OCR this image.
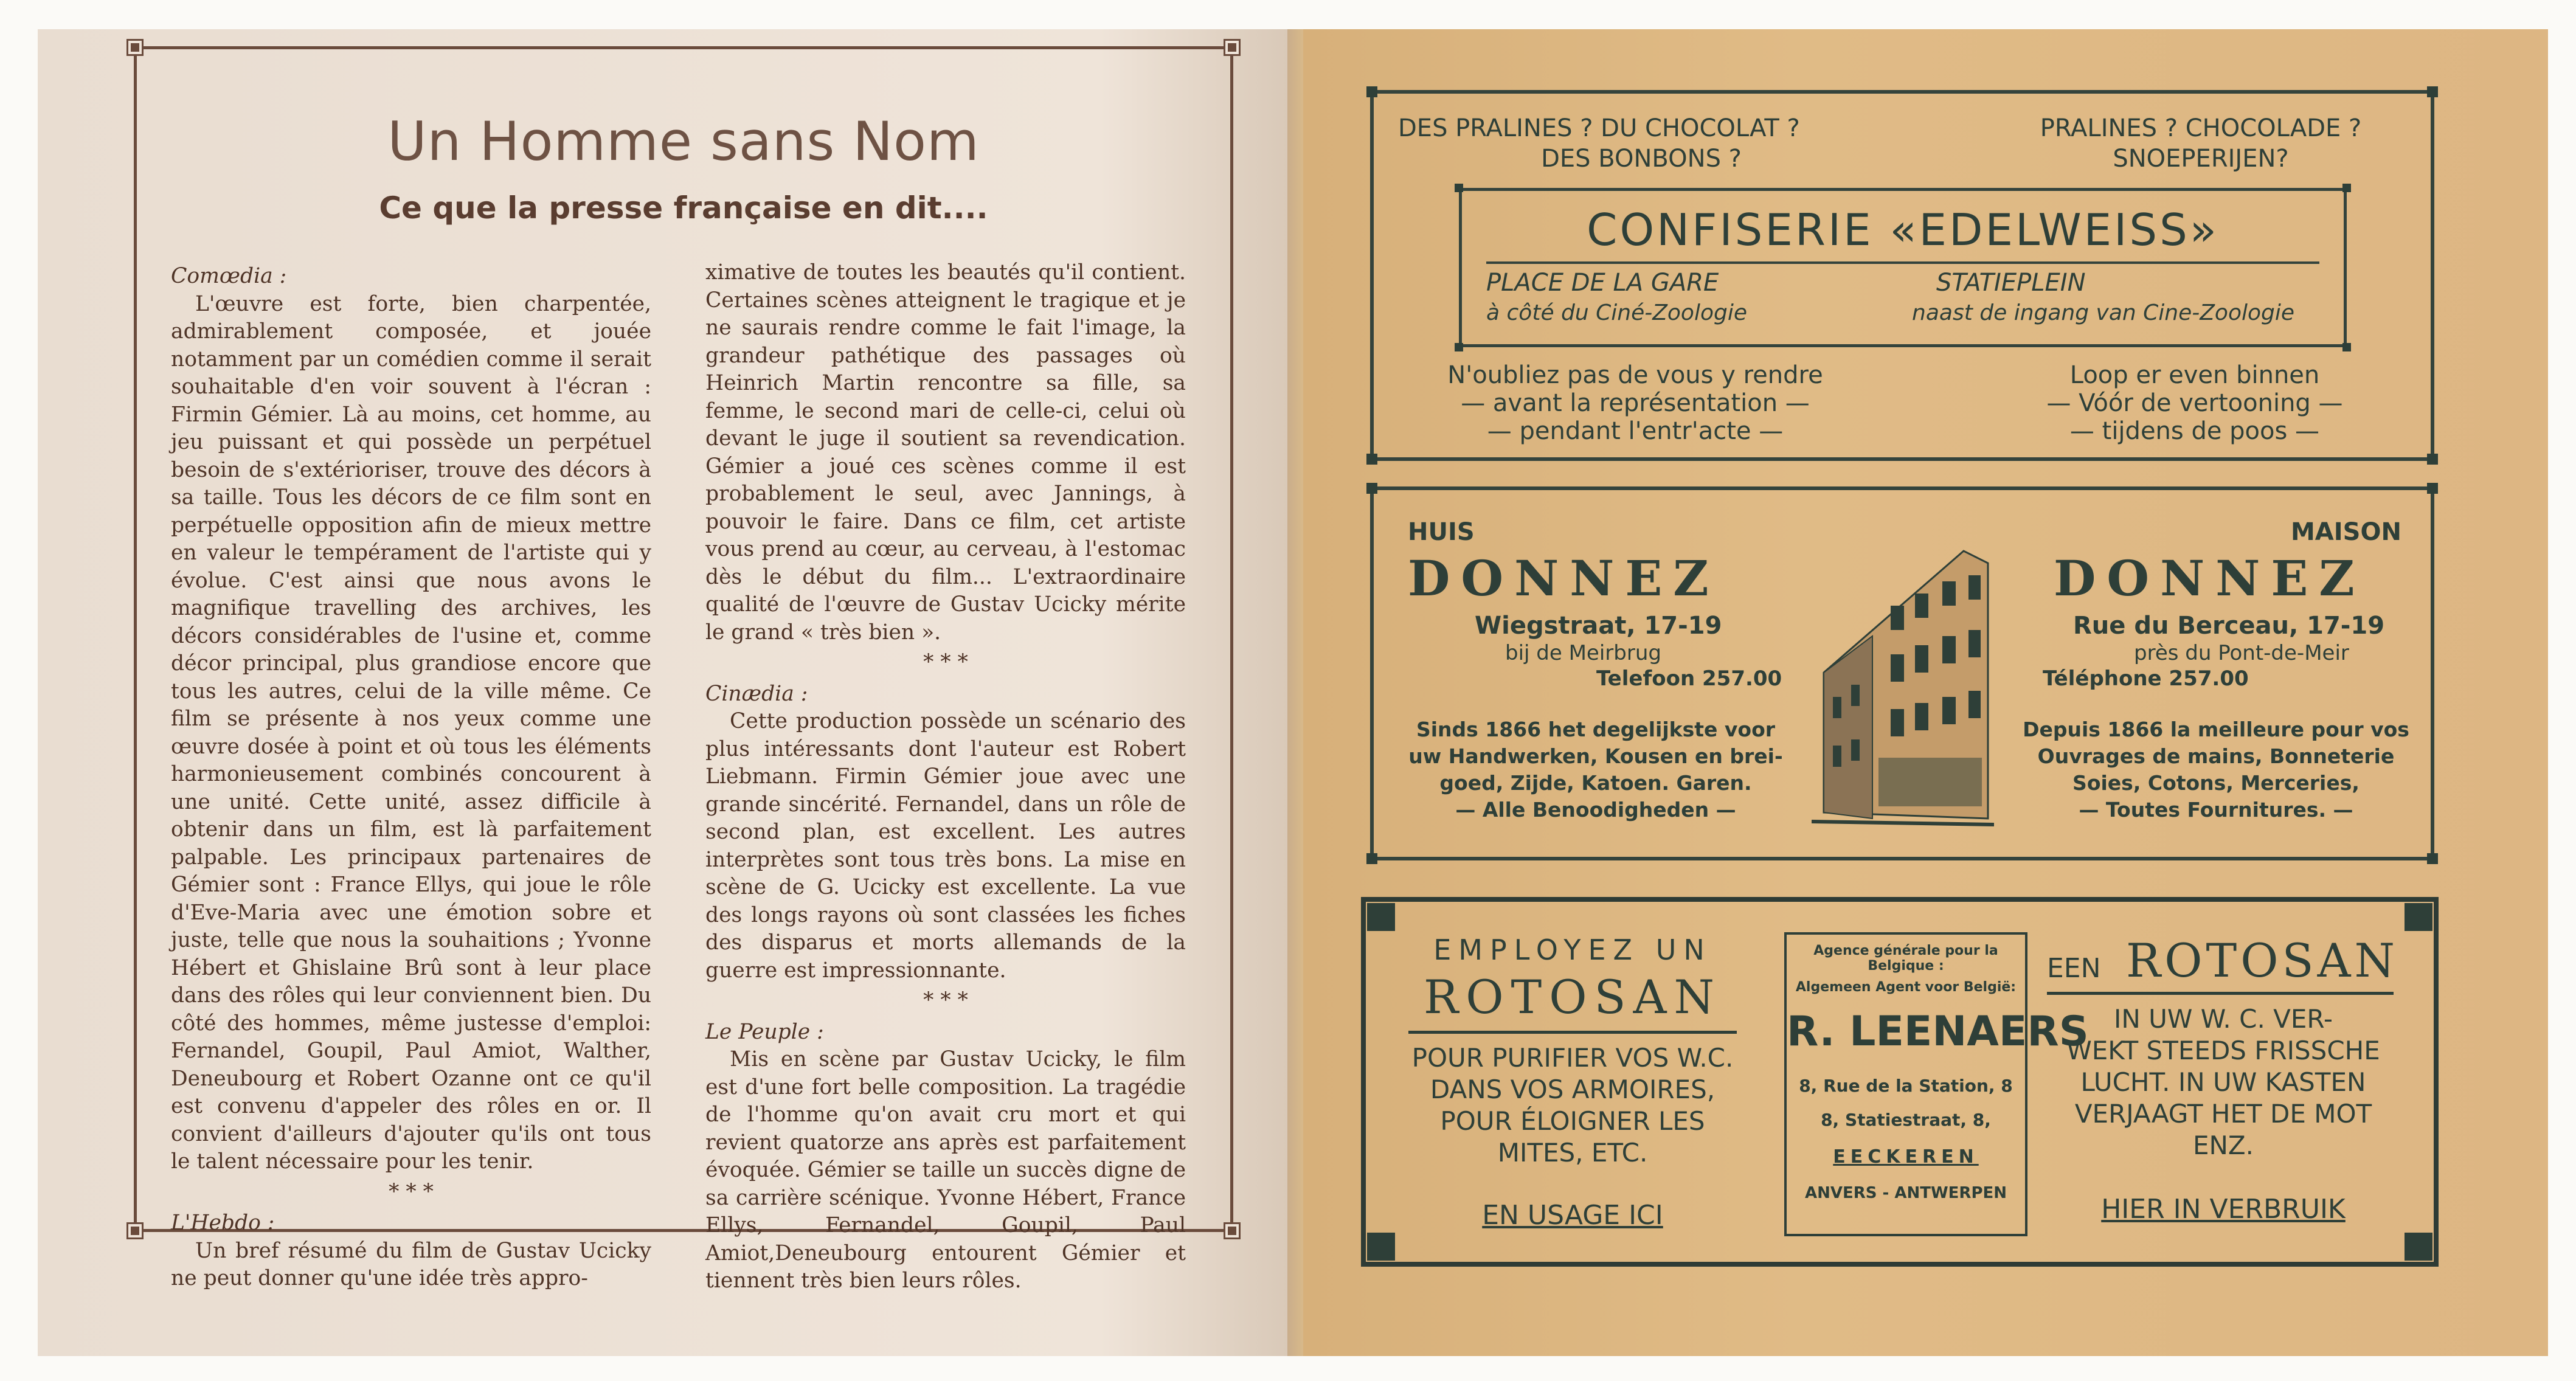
Un Homme sans Nom
Ce que la presse française en dit....
Comœdia :
L'œuvre est forte, bien charpentée, admirablement composée, et jouée notamment par un comédien comme il serait souhaitable d'en voir souvent à l'écran : Firmin Gémier. Là au moins, cet homme, au jeu puissant et qui possède un perpétuel besoin de s'extérioriser, trouve des décors à sa taille. Tous les décors de ce film sont en perpétuelle opposition afin de mieux mettre en valeur le tempérament de l'artiste qui y évolue. C'est ainsi que nous avons le magnifique travelling des archives, les décors considérables de l'usine et, comme décor principal, plus grandiose encore que tous les autres, celui de la ville même. Ce film se présente à nos yeux comme une œuvre dosée à point et où tous les éléments harmonieusement combinés concourent à une unité. Cette unité, assez difficile à obtenir dans un film, est là parfaitement palpable. Les principaux partenaires de Gémier sont : France Ellys, qui joue le rôle d'Eve-Maria avec une émotion sobre et juste, telle que nous la souhaitions ; Yvonne Hébert et Ghislaine Brû sont à leur place dans des rôles qui leur conviennent bien. Du côté des hommes, même justesse d'emploi: Fernandel, Goupil, Paul Amiot, Walther, Deneubourg et Robert Ozanne ont ce qu'il est convenu d'appeler des rôles en or. Il convient d'ailleurs d'ajouter qu'ils ont tous le talent nécessaire pour les tenir.
* * *
L'Hebdo :
Un bref résumé du film de Gustav Ucicky ne peut donner qu'une idée très appro-
ximative de toutes les beautés qu'il contient. Certaines scènes atteignent le tragique et je ne saurais rendre comme le fait l'image, la grandeur pathétique des passages où Heinrich Martin rencontre sa fille, sa femme, le second mari de celle-ci, celui où devant le juge il soutient sa revendication. Gémier a joué ces scènes comme il est probablement le seul, avec Jannings, à pouvoir le faire. Dans ce film, cet artiste vous prend au cœur, au cerveau, à l'estomac dès le début du film... L'extraordinaire qualité de l'œuvre de Gustav Ucicky mérite le grand « très bien ».
* * *
Cinædia :
Cette production possède un scénario des plus intéressants dont l'auteur est Robert Liebmann. Firmin Gémier joue avec une grande sincérité. Fernandel, dans un rôle de second plan, est excellent. Les autres interprètes sont tous très bons. La mise en scène de G. Ucicky est excellente. La vue des longs rayons où sont classées les fiches des disparus et morts allemands de la guerre est impressionnante.
* * *
Le Peuple :
Mis en scène par Gustav Ucicky, le film est d'une fort belle composition. La tragédie de l'homme qu'on avait cru mort et qui revient quatorze ans après est parfaitement évoquée. Gémier se taille un succès digne de sa carrière scénique. Yvonne Hébert, France Ellys, Fernandel, Goupil, Paul Amiot,Deneubourg entourent Gémier et tiennent très bien leurs rôles.
DES PRALINES ? DU CHOCOLAT ?
DES BONBONS ?
PRALINES ? CHOCOLADE ?
SNOEPERIJEN?
CONFISERIE «EDELWEISS»
PLACE DE LA GARE	STATIEPLEIN
à côté du Ciné-Zoologie	naast de ingang van Cine-Zoologie
N'oubliez pas de vous y rendre
— avant la représentation —
— pendant l'entr'acte —
Loop er even binnen
— Vóór de vertooning —
— tijdens de poos —
HUIS
DONNEZ
Wiegstraat, 17-19
bij de Meirbrug
Telefoon 257.00
Sinds 1866 het degelijkste voor
uw Handwerken, Kousen en brei-
goed, Zijde, Katoen. Garen.
— Alle Benoodigheden —
MAISON
DONNEZ
Rue du Berceau, 17-19
près du Pont-de-Meir
Téléphone 257.00
Depuis 1866 la meilleure pour vos
Ouvrages de mains, Bonneterie
Soies, Cotons, Merceries,
— Toutes Fournitures. —
EMPLOYEZ UN
ROTOSAN
POUR PURIFIER VOS W.C.
DANS VOS ARMOIRES,
POUR ÉLOIGNER LES
MITES, ETC.
EN USAGE ICI
Agence générale pour la Belgique :
Algemeen Agent voor België:
R. LEENAERS
8, Rue de la Station, 8
8, Statiestraat, 8,
EECKEREN
ANVERS - ANTWERPEN
EEN ROTOSAN
IN UW W. C. VER-
WEKT STEEDS FRISSCHE
LUCHT. IN UW KASTEN
VERJAAGT HET DE MOT
ENZ.
HIER IN VERBRUIK
